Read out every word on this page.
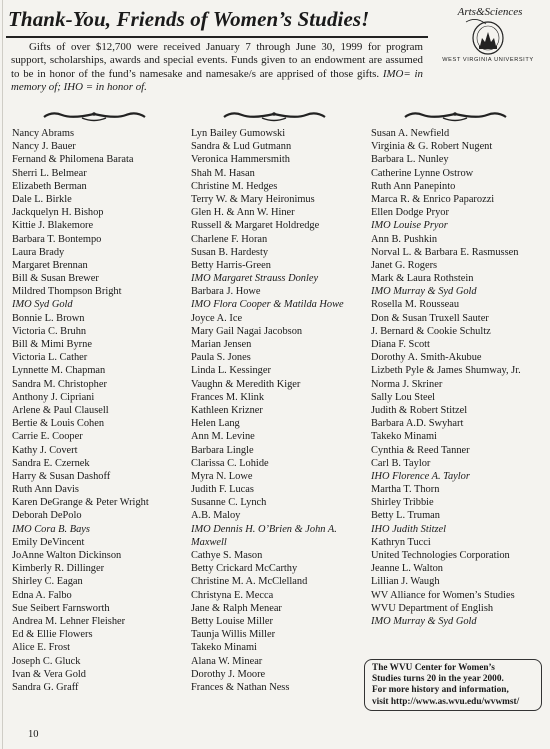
Thank-You, Friends of Women’s Studies!	Arts&Sciences
WEST VIRGINIA UNIVERSITY

Gifts of over $12,700 were received January 7 through June 30, 1999 for program support, scholarships, awards and special events. Funds given to an endowment are assumed to be in honor of the fund’s namesake and namesake/s are apprised of those gifts. IMO= in memory of; IHO = in honor of.

Nancy Abrams
Nancy J. Bauer
Fernand & Philomena Barata
Sherri L. Belmear
Elizabeth Berman
Dale L. Birkle
Jackquelyn H. Bishop
Kittie J. Blakemore
Barbara T. Bontempo
Laura Brady
Margaret Brennan
Bill & Susan Brewer
Mildred Thompson Bright
IMO Syd Gold
Bonnie L. Brown
Victoria C. Bruhn
Bill & Mimi Byrne
Victoria L. Cather
Lynnette M. Chapman
Sandra M. Christopher
Anthony J. Cipriani
Arlene & Paul Clausell
Bertie & Louis Cohen
Carrie E. Cooper
Kathy J. Covert
Sandra E. Czernek
Harry & Susan Dashoff
Ruth Ann Davis
Karen DeGrange & Peter Wright
Deborah DePolo
IMO Cora B. Bays
Emily DeVincent
JoAnne Walton Dickinson
Kimberly R. Dillinger
Shirley C. Eagan
Edna A. Falbo
Sue Seibert Farnsworth
Andrea M. Lehner Fleisher
Ed & Ellie Flowers
Alice E. Frost
Joseph C. Gluck
Ivan & Vera Gold
Sandra G. Graff
Lyn Bailey Gumowski
Sandra & Lud Gutmann
Veronica Hammersmith
Shah M. Hasan
Christine M. Hedges
Terry W. & Mary Heironimus
Glen H. & Ann W. Hiner
Russell & Margaret Holdredge
Charlene F. Horan
Susan B. Hardesty
Betty Harris-Green
IMO Margaret Strauss Donley
Barbara J. Howe
IMO Flora Cooper & Matilda Howe
Joyce A. Ice
Mary Gail Nagai Jacobson
Marian Jensen
Paula S. Jones
Linda L. Kessinger
Vaughn & Meredith Kiger
Frances M. Klink
Kathleen Krizner
Helen Lang
Ann M. Levine
Barbara Lingle
Clarissa C. Lohide
Myra N. Lowe
Judith F. Lucas
Susanne C. Lynch
A.B. Maloy
IMO Dennis H. O’Brien & John A.
Maxwell
Cathye S. Mason
Betty Crickard McCarthy
Christine M. A. McClelland
Christyna E. Mecca
Jane & Ralph Menear
Betty Louise Miller
Taunja Willis Miller
Takeko Minami
Alana W. Minear
Dorothy J. Moore
Frances & Nathan Ness
Susan A. Newfield
Virginia & G. Robert Nugent
Barbara L. Nunley
Catherine Lynne Ostrow
Ruth Ann Panepinto
Marca R. & Enrico Paparozzi
Ellen Dodge Pryor
IMO Louise Pryor
Ann B. Pushkin
Norval L. & Barbara E. Rasmussen
Janet G. Rogers
Mark & Laura Rothstein
IMO Murray & Syd Gold
Rosella M. Rousseau
Don & Susan Truxell Sauter
J. Bernard & Cookie Schultz
Diana F. Scott
Dorothy A. Smith-Akubue
Lizbeth Pyle & James Shumway, Jr.
Norma J. Skriner
Sally Lou Steel
Judith & Robert Stitzel
Barbara A.D. Swyhart
Takeko Minami
Cynthia & Reed Tanner
Carl B. Taylor
IHO Florence A. Taylor
Martha T. Thorn
Shirley Tribbie
Betty L. Truman
IHO Judith Stitzel
Kathryn Tucci
United Technologies Corporation
Jeanne L. Walton
Lillian J. Waugh
WV Alliance for Women’s Studies
WVU Department of English
IMO Murray & Syd Gold
The WVU Center for Women’s
Studies turns 20 in the year 2000.
For more history and information,
visit http://www.as.wvu.edu/wvwmst/
10
